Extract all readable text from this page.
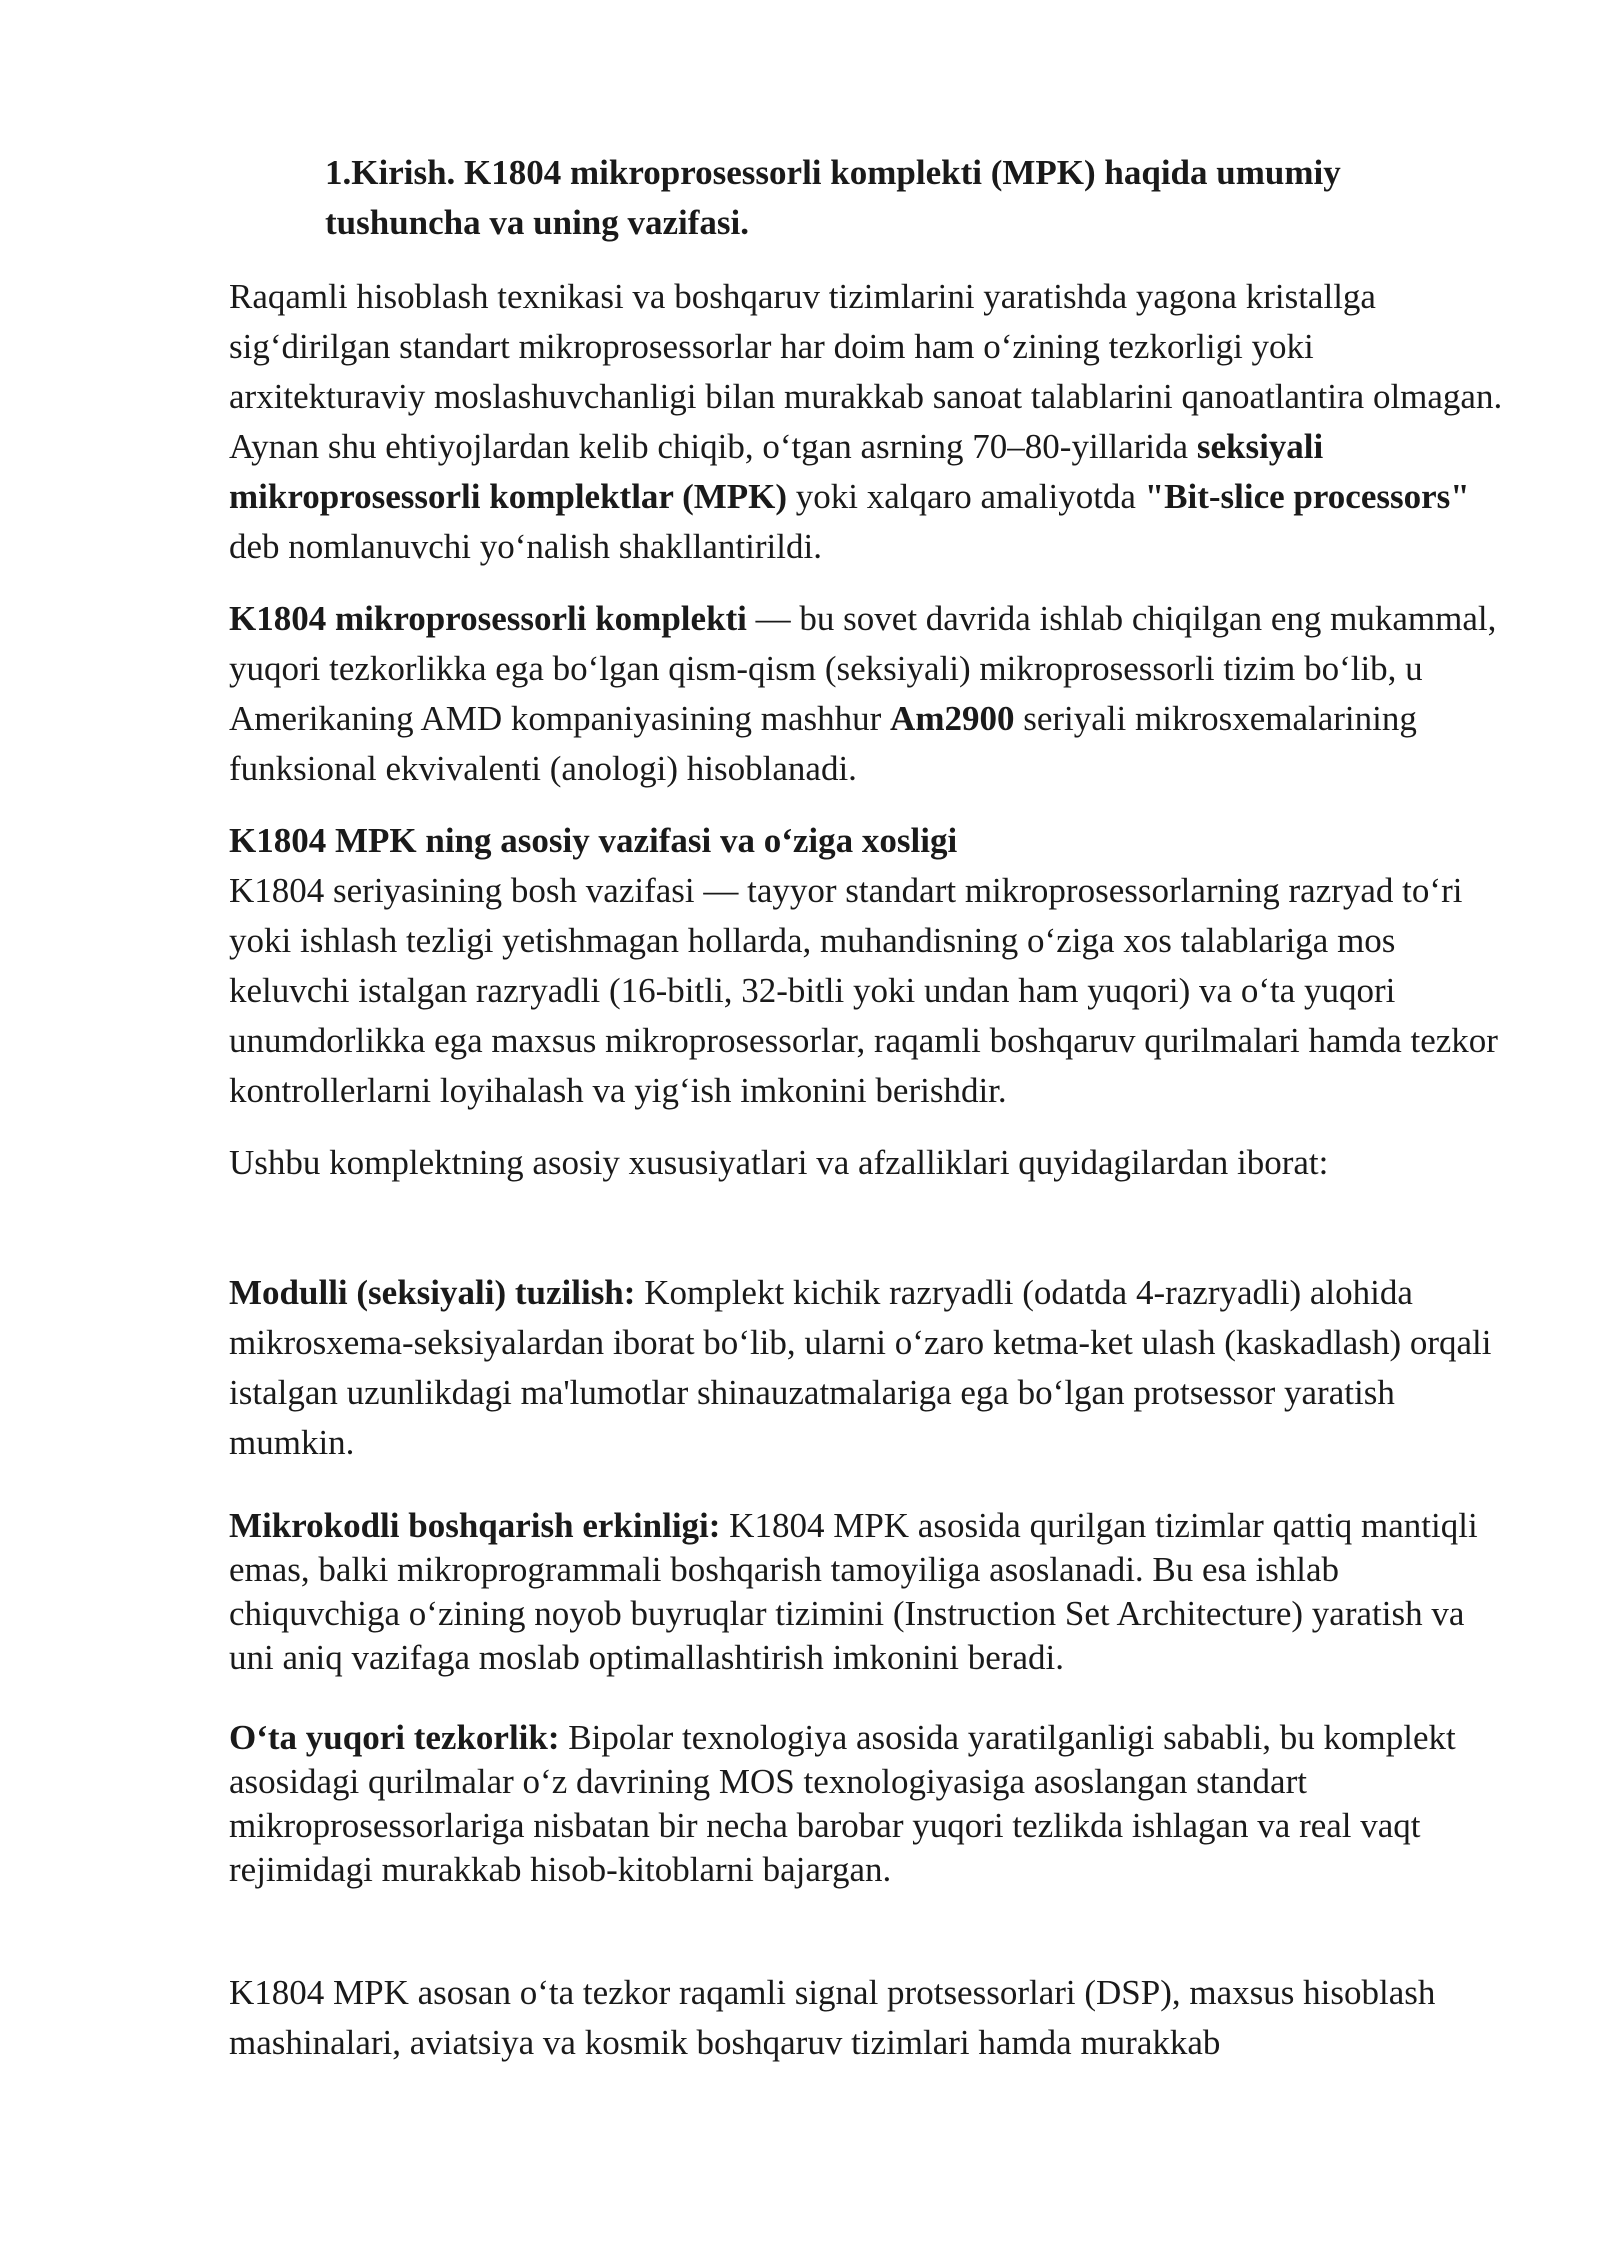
1.Kirish. K1804 mikroprosessorli komplekti (MPK) haqida umumiy tushuncha va uning vazifasi.

Raqamli hisoblash texnikasi va boshqaruv tizimlarini yaratishda yagona kristallga sig‘dirilgan standart mikroprosessorlar har doim ham o‘zining tezkorligi yoki arxitekturaviy moslashuvchanligi bilan murakkab sanoat talablarini qanoatlantira olmagan. Aynan shu ehtiyojlardan kelib chiqib, o‘tgan asrning 70–80-yillarida seksiyali mikroprosessorli komplektlar (MPK) yoki xalqaro amaliyotda "Bit-slice processors" deb nomlanuvchi yo‘nalish shakllantirildi.

K1804 mikroprosessorli komplekti — bu sovet davrida ishlab chiqilgan eng mukammal, yuqori tezkorlikka ega bo‘lgan qism-qism (seksiyali) mikroprosessorli tizim bo‘lib, u Amerikaning AMD kompaniyasining mashhur Am2900 seriyali mikrosxemalarining funksional ekvivalenti (anologi) hisoblanadi.

K1804 MPK ning asosiy vazifasi va o‘ziga xosligi

K1804 seriyasining bosh vazifasi — tayyor standart mikroprosessorlarning razryad to‘ri yoki ishlash tezligi yetishmagan hollarda, muhandisning o‘ziga xos talablariga mos keluvchi istalgan razryadli (16-bitli, 32-bitli yoki undan ham yuqori) va o‘ta yuqori unumdorlikka ega maxsus mikroprosessorlar, raqamli boshqaruv qurilmalari hamda tezkor kontrollerlarni loyihalash va yig‘ish imkonini berishdir.

Ushbu komplektning asosiy xususiyatlari va afzalliklari quyidagilardan iborat:

Modulli (seksiyali) tuzilish: Komplekt kichik razryadli (odatda 4-razryadli) alohida mikrosxema-seksiyalardan iborat bo‘lib, ularni o‘zaro ketma-ket ulash (kaskadlash) orqali istalgan uzunlikdagi ma'lumotlar shinauzatmalariga ega bo‘lgan protsessor yaratish mumkin.

Mikrokodli boshqarish erkinligi: K1804 MPK asosida qurilgan tizimlar qattiq mantiqli emas, balki mikroprogrammali boshqarish tamoyiliga asoslanadi. Bu esa ishlab chiquvchiga o‘zining noyob buyruqlar tizimini (Instruction Set Architecture) yaratish va uni aniq vazifaga moslab optimallashtirish imkonini beradi.

O‘ta yuqori tezkorlik: Bipolar texnologiya asosida yaratilganligi sababli, bu komplekt asosidagi qurilmalar o‘z davrining MOS texnologiyasiga asoslangan standart mikroprosessorlariga nisbatan bir necha barobar yuqori tezlikda ishlagan va real vaqt rejimidagi murakkab hisob-kitoblarni bajargan.

K1804 MPK asosan o‘ta tezkor raqamli signal protsessorlari (DSP), maxsus hisoblash mashinalari, aviatsiya va kosmik boshqaruv tizimlari hamda murakkab
